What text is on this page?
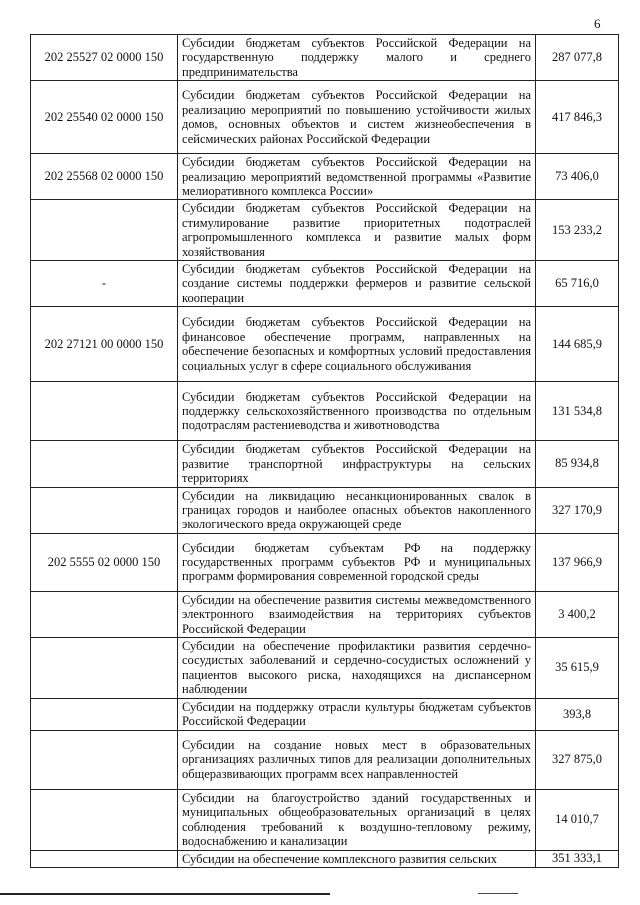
6
202 25527 02 0000 150	Субсидии бюджетам субъектов Российской Федерации на государственную поддержку малого и среднего предпринимательства	287 077,8
202 25540 02 0000 150	Субсидии бюджетам субъектов Российской Федерации на реализацию мероприятий по повышению устойчивости жилых домов, основных объектов и систем жизнеобеспечения в сейсмических районах Российской Федерации	417 846,3
202 25568 02 0000 150	Субсидии бюджетам субъектов Российской Федерации на реализацию мероприятий ведомственной программы «Развитие мелиоративного комплекса России»	73 406,0
	Субсидии бюджетам субъектов Российской Федерации на стимулирование развитие приоритетных подотраслей агропромышленного комплекса и развитие малых форм хозяйствования	153 233,2
-	Субсидии бюджетам субъектов Российской Федерации на создание системы поддержки фермеров и развитие сельской кооперации	65 716,0
202 27121 00 0000 150	Субсидии бюджетам субъектов Российской Федерации на финансовое обеспечение программ, направленных на обеспечение безопасных и комфортных условий предоставления социальных услуг в сфере социального обслуживания	144 685,9
	Субсидии бюджетам субъектов Российской Федерации на поддержку сельскохозяйственного производства по отдельным подотраслям растениеводства и животноводства	131 534,8
	Субсидии бюджетам субъектов Российской Федерации на развитие транспортной инфраструктуры на сельских территориях	85 934,8
	Субсидии на ликвидацию несанкционированных свалок в границах городов и наиболее опасных объектов накопленного экологического вреда окружающей среде	327 170,9
202 5555 02 0000 150	Субсидии бюджетам субъектам РФ на поддержку государственных программ субъектов РФ и муниципальных программ формирования современной городской среды	137 966,9
	Субсидии на обеспечение развития системы межведомственного электронного взаимодействия на территориях субъектов Российской Федерации	3 400,2
	Субсидии на обеспечение профилактики развития сердечно-сосудистых заболеваний и сердечно-сосудистых осложнений у пациентов высокого риска, находящихся на диспансерном наблюдении	35 615,9
	Субсидии на поддержку отрасли культуры бюджетам субъектов Российской Федерации	393,8
	Субсидии на создание новых мест в образовательных организациях различных типов для реализации дополнительных общеразвивающих программ всех направленностей	327 875,0
	Субсидии на благоустройство зданий государственных и муниципальных общеобразовательных организаций в целях соблюдения требований к воздушно-тепловому режиму, водоснабжению и канализации	14 010,7
	Субсидии на обеспечение комплексного развития сельских	351 333,1
